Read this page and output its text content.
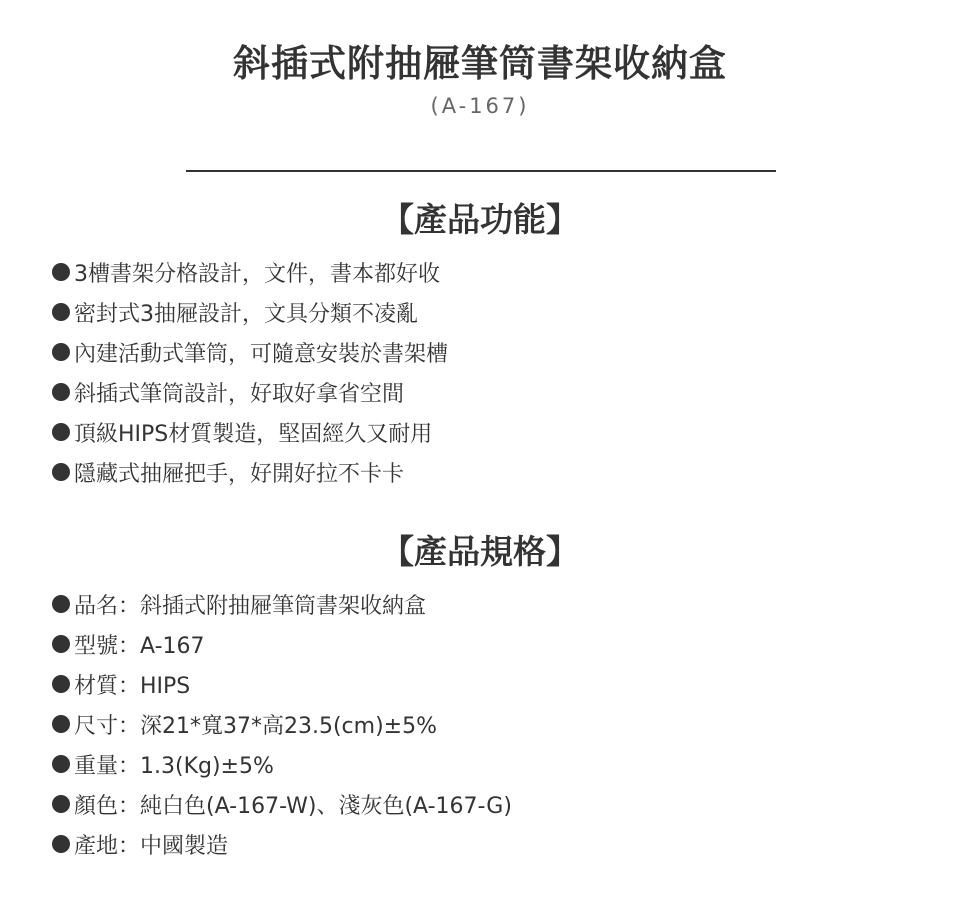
斜插式附抽屜筆筒書架收納盒
(A-167)
【產品功能】
3槽書架分格設計，文件，書本都好收
密封式3抽屜設計，文具分類不凌亂
內建活動式筆筒，可隨意安裝於書架槽
斜插式筆筒設計，好取好拿省空間
頂級HIPS材質製造，堅固經久又耐用
隱藏式抽屜把手，好開好拉不卡卡
【產品規格】
品名：斜插式附抽屜筆筒書架收納盒
型號：A-167
材質：HIPS
尺寸：深21*寬37*高23.5(cm)±5%
重量：1.3(Kg)±5%
顏色：純白色(A-167-W)、淺灰色(A-167-G)
產地：中國製造
